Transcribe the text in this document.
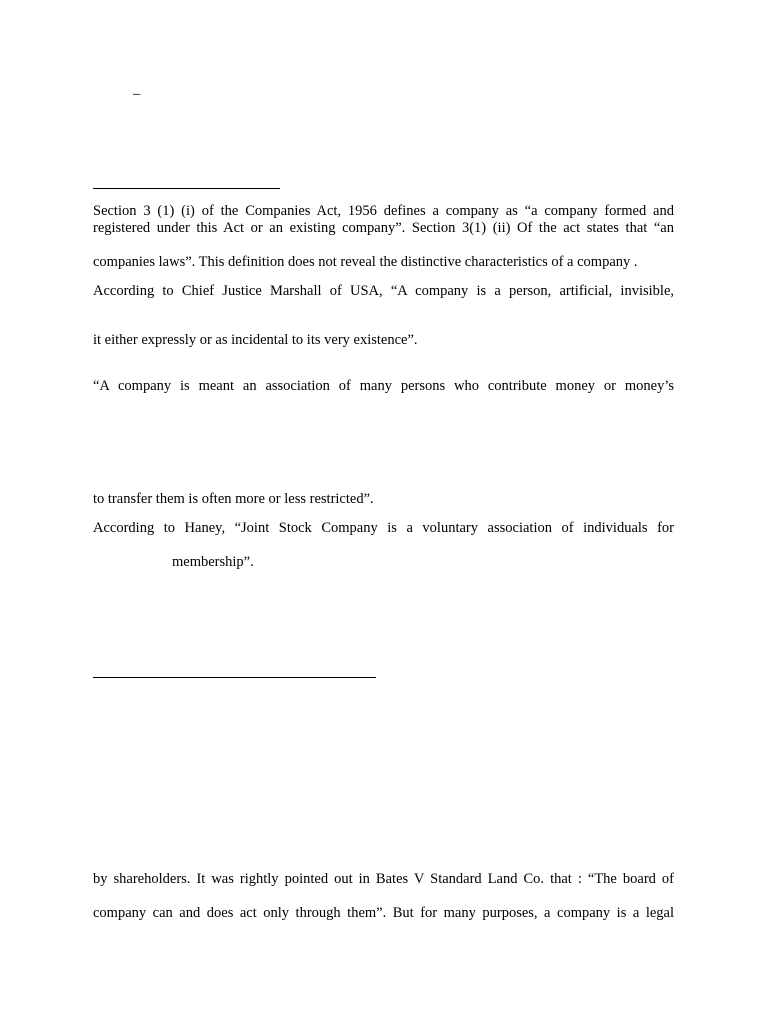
–
Section 3 (1) (i) of the Companies Act, 1956 defines a company as “a company formed and
registered under this Act or an existing company”. Section 3(1) (ii) Of the act states that “an
companies laws”. This definition does not reveal the distinctive characteristics of a company .
According to Chief Justice Marshall of USA, “A company is a person, artificial, invisible,
it either expressly or as incidental to its very existence”.
“A company is meant an association of many persons who contribute money or money’s
to transfer them is often more or less restricted”.
According to Haney, “Joint Stock Company is a voluntary association of individuals for
membership”.
by shareholders. It was rightly pointed out in Bates V Standard Land Co. that : “The board of
company can and does act only through them”. But for many purposes, a company is a legal
